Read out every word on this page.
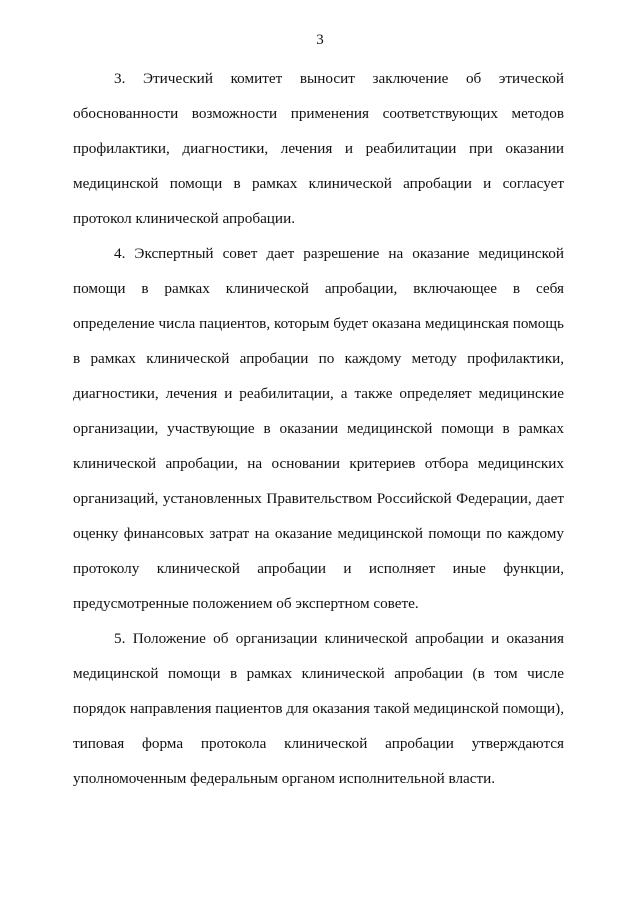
3

3. Этический комитет выносит заключение об этической обоснованности возможности применения соответствующих методов профилактики, диагностики, лечения и реабилитации при оказании медицинской помощи в рамках клинической апробации и согласует протокол клинической апробации.

4. Экспертный совет дает разрешение на оказание медицинской помощи в рамках клинической апробации, включающее в себя определение числа пациентов, которым будет оказана медицинская помощь в рамках клинической апробации по каждому методу профилактики, диагностики, лечения и реабилитации, а также определяет медицинские организации, участвующие в оказании медицинской помощи в рамках клинической апробации, на основании критериев отбора медицинских организаций, установленных Правительством Российской Федерации, дает оценку финансовых затрат на оказание медицинской помощи по каждому протоколу клинической апробации и исполняет иные функции, предусмотренные положением об экспертном совете.

5. Положение об организации клинической апробации и оказания медицинской помощи в рамках клинической апробации (в том числе порядок направления пациентов для оказания такой медицинской помощи), типовая форма протокола клинической апробации утверждаются уполномоченным федеральным органом исполнительной власти.
